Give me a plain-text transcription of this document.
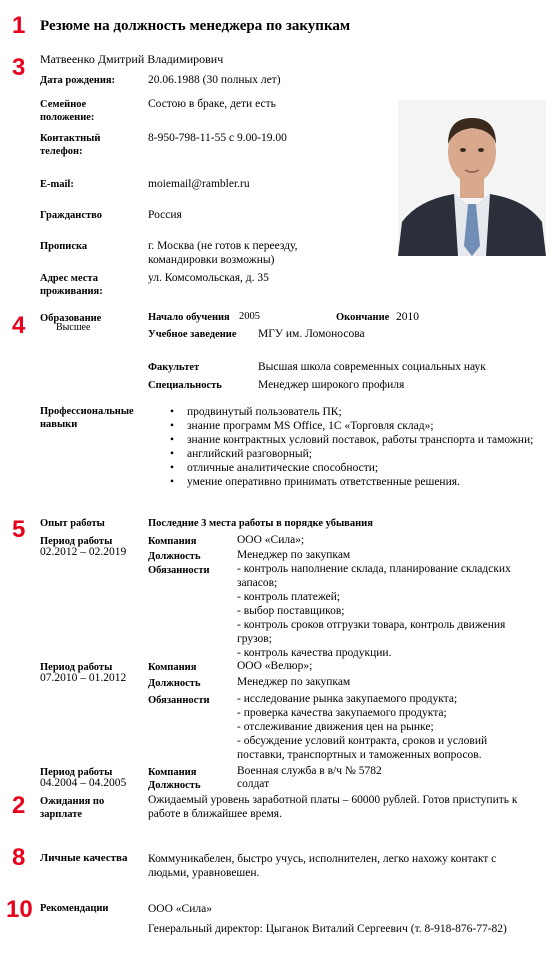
1
3
4
5
2
8
10
Резюме на должность менеджера по закупкам
Матвеенко Дмитрий Владимирович
Дата рождения:	20.06.1988 (30 полных лет)
Семейное положение:
Состою в браке, дети есть
Контактный телефон:
8-950-798-11-55 с 9.00-19.00
E-mail:	moiemail@rambler.ru
Гражданство	Россия
Прописка	г. Москва (не готов к переезду,
командировки возможны)
Адрес места проживания:
ул. Комсомольская, д. 35
Образование
Высшее
Начало обучения 2005	Окончание 2010
Учебное заведение МГУ им. Ломоносова
Факультет	Высшая школа современных социальных наук
Специальность	Менеджер широкого профиля
Профессиональные навыки
• продвинутый пользователь ПК;
• знание программ MS Office, 1С «Торговля склад»;
• знание контрактных условий поставок, работы транспорта и таможни;
• английский разговорный;
• отличные аналитические способности;
• умение оперативно принимать ответственные решения.
Опыт работы	Последние 3 места работы в порядке убывания
Период работы
02.2012 – 02.2019
Компания	ООО «Сила»;
Должность	Менеджер по закупкам
Обязанности - контроль наполнение склада, планирование складских
запасов;
- контроль платежей;
- выбор поставщиков;
- контроль сроков отгрузки товара, контроль движения
грузов;
- контроль качества продукции.
Период работы
07.2010 – 01.2012
Компания	ООО «Велюр»;
Должность	Менеджер по закупкам
Обязанности - исследование рынка закупаемого продукта;
- проверка качества закупаемого продукта;
- отслеживание движения цен на рынке;
- обсуждение условий контракта, сроков и условий
поставки, транспортных и таможенных вопросов.
Период работы
04.2004 – 04.2005
Компания	Военная служба в в/ч № 5782
Должность	солдат
Ожидания по зарплате
Ожидаемый уровень заработной платы – 60000 рублей. Готов приступить к
работе в ближайшее время.
Личные качества Коммуникабелен, быстро учусь, исполнителен, легко нахожу контакт с
людьми, уравновешен.
Рекомендации	ООО «Сила»
Генеральный директор: Цыганок Виталий Сергеевич (т. 8-918-876-77-82)
